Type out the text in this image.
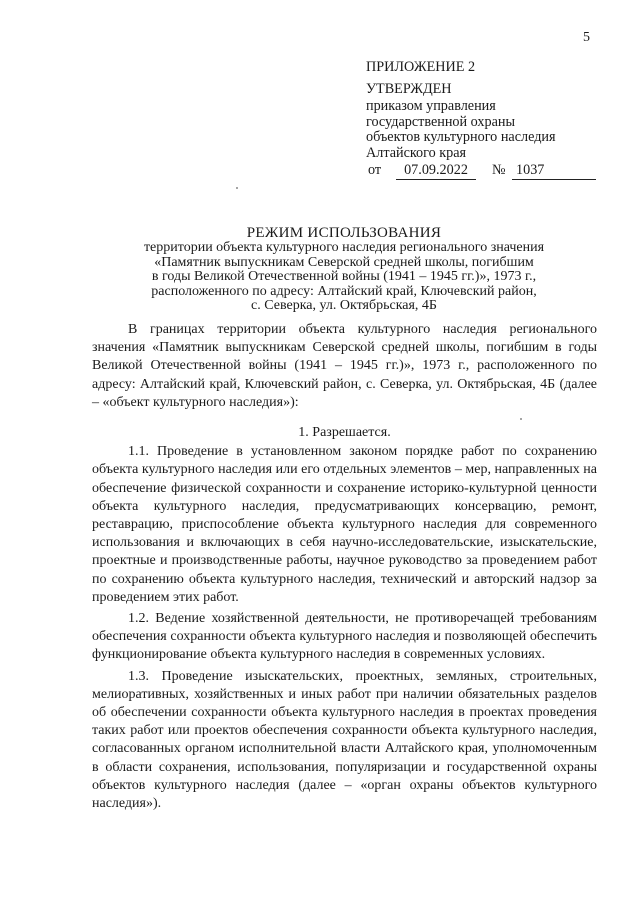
5
ПРИЛОЖЕНИЕ 2
УТВЕРЖДЕН
приказом управления
государственной охраны
объектов культурного наследия
Алтайского края
от	07.09.2022	№ 1037
РЕЖИМ ИСПОЛЬЗОВАНИЯ
территории объекта культурного наследия регионального значения
«Памятник выпускникам Северской средней школы, погибшим
в годы Великой Отечественной войны (1941 – 1945 гг.)», 1973 г.,
расположенного по адресу: Алтайский край, Ключевский район,
с. Северка, ул. Октябрьская, 4Б

В границах территории объекта культурного наследия регионального значения «Памятник выпускникам Северской средней школы, погибшим в годы Великой Отечественной войны (1941 – 1945 гг.)», 1973 г., расположенного по адресу: Алтайский край, Ключевский район, с. Северка, ул. Октябрьская, 4Б (далее – «объект культурного наследия»):

1. Разрешается.

1.1. Проведение в установленном законом порядке работ по сохранению объекта культурного наследия или его отдельных элементов – мер, направленных на обеспечение физической сохранности и сохранение историко-культурной ценности объекта культурного наследия, предусматривающих консервацию, ремонт, реставрацию, приспособление объекта культурного наследия для современного использования и включающих в себя научно-исследовательские, изыскательские, проектные и производственные работы, научное руководство за проведением работ по сохранению объекта культурного наследия, технический и авторский надзор за проведением этих работ.

1.2. Ведение хозяйственной деятельности, не противоречащей требованиям обеспечения сохранности объекта культурного наследия и позволяющей обеспечить функционирование объекта культурного наследия в современных условиях.

1.3. Проведение изыскательских, проектных, земляных, строительных, мелиоративных, хозяйственных и иных работ при наличии обязательных разделов об обеспечении сохранности объекта культурного наследия в проектах проведения таких работ или проектов обеспечения сохранности объекта культурного наследия, согласованных органом исполнительной власти Алтайского края, уполномоченным в области сохранения, использования, популяризации и государственной охраны объектов культурного наследия (далее – «орган охраны объектов культурного наследия»).
